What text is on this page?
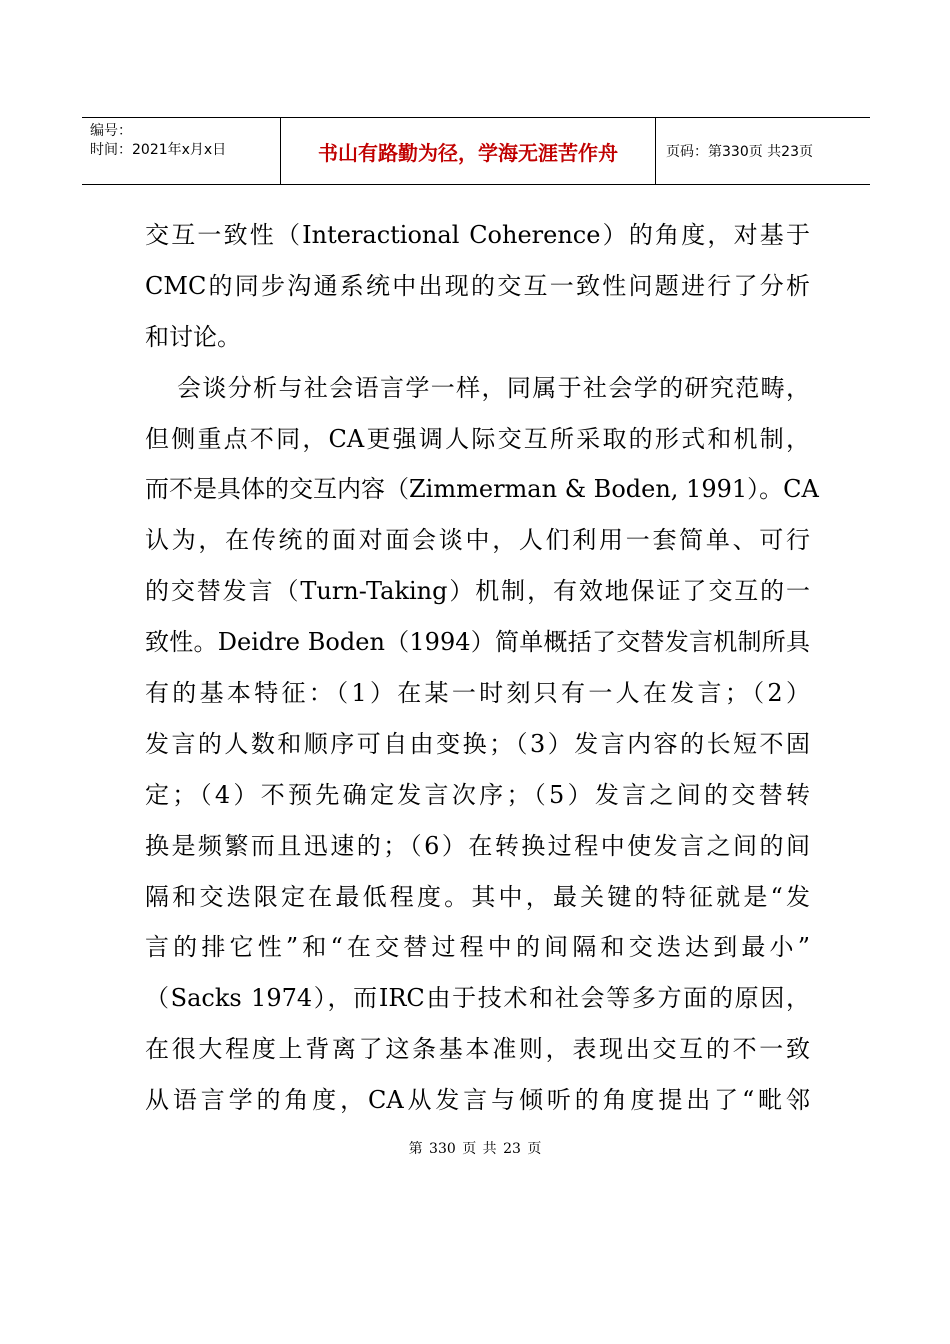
编号：
时间：2021年x月x日	书山有路勤为径，学海无涯苦作舟	页码：第330页 共23页
交互一致性（Interactional Coherence）的角度，对基于
CMC的同步沟通系统中出现的交互一致性问题进行了分析
和讨论。
会谈分析与社会语言学一样，同属于社会学的研究范畴，
但侧重点不同，CA更强调人际交互所采取的形式和机制，
而不是具体的交互内容（Zimmerman & Boden, 1991）。CA
认为，在传统的面对面会谈中，人们利用一套简单、可行
的交替发言（Turn-Taking）机制，有效地保证了交互的一
致性。Deidre Boden（1994）简单概括了交替发言机制所具
有的基本特征：（1）在某一时刻只有一人在发言；（2）
发言的人数和顺序可自由变换；（3）发言内容的长短不固
定；（4）不预先确定发言次序；（5）发言之间的交替转
换是频繁而且迅速的；（6）在转换过程中使发言之间的间
隔和交迭限定在最低程度。其中，最关键的特征就是“发
言的排它性”和“在交替过程中的间隔和交迭达到最小”
（Sacks 1974），而IRC由于技术和社会等多方面的原因，
在很大程度上背离了这条基本准则，表现出交互的不一致
从语言学的角度，CA从发言与倾听的角度提出了“毗邻
第 330 页 共 23 页
